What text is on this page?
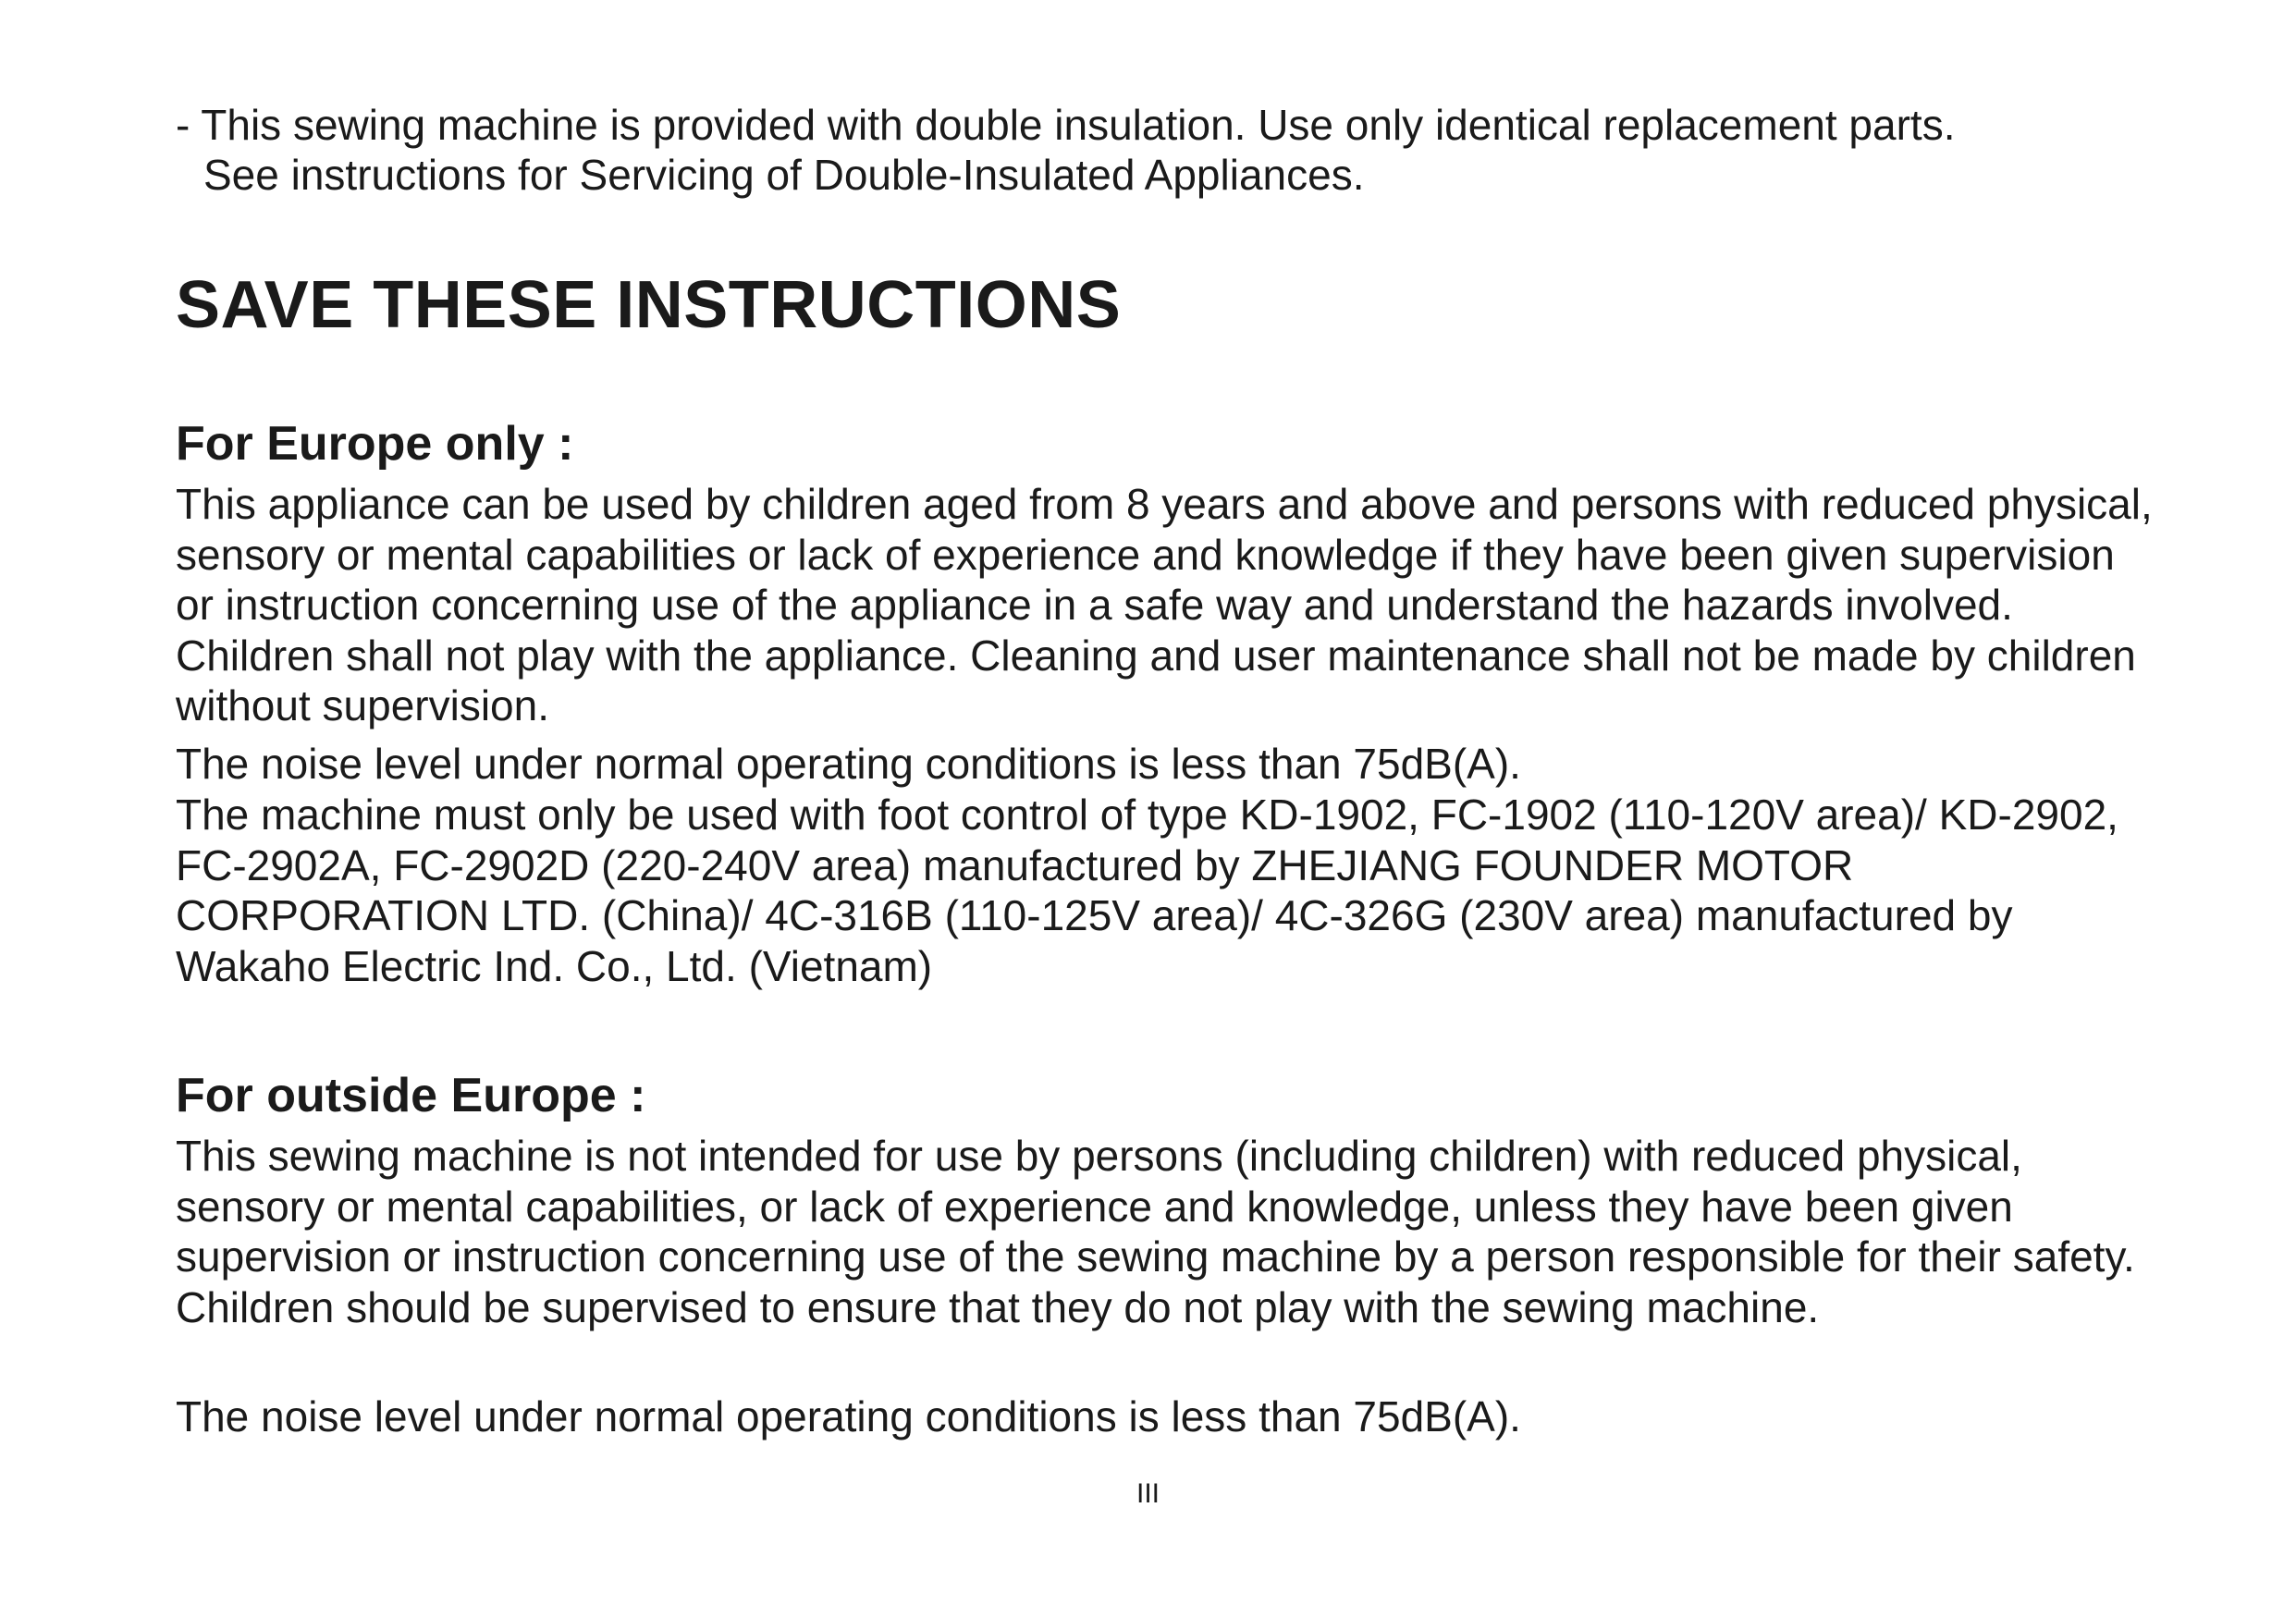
- This sewing machine is provided with double insulation. Use only identical replacement parts.
See instructions for Servicing of Double-Insulated Appliances.

SAVE THESE INSTRUCTIONS
For Europe only :

This appliance can be used by children aged from 8 years and above and persons with reduced physical, sensory or mental capabilities or lack of experience and knowledge if they have been given supervision or instruction concerning use of the appliance in a safe way and understand the hazards involved. Children shall not play with the appliance. Cleaning and user maintenance shall not be made by children without supervision.

The noise level under normal operating conditions is less than 75dB(A).

The machine must only be used with foot control of type KD-1902, FC-1902 (110-120V area)/ KD-2902, FC-2902A, FC-2902D (220-240V area) manufactured by ZHEJIANG FOUNDER MOTOR CORPORATION LTD. (China)/ 4C-316B (110-125V area)/ 4C-326G (230V area) manufactured by Wakaho Electric Ind. Co., Ltd. (Vietnam)

For outside Europe :

This sewing machine is not intended for use by persons (including children) with reduced physical, sensory or mental capabilities, or lack of experience and knowledge, unless they have been given supervision or instruction concerning use of the sewing machine by a person responsible for their safety. Children should be supervised to ensure that they do not play with the sewing machine.

The noise level under normal operating conditions is less than 75dB(A).

III
